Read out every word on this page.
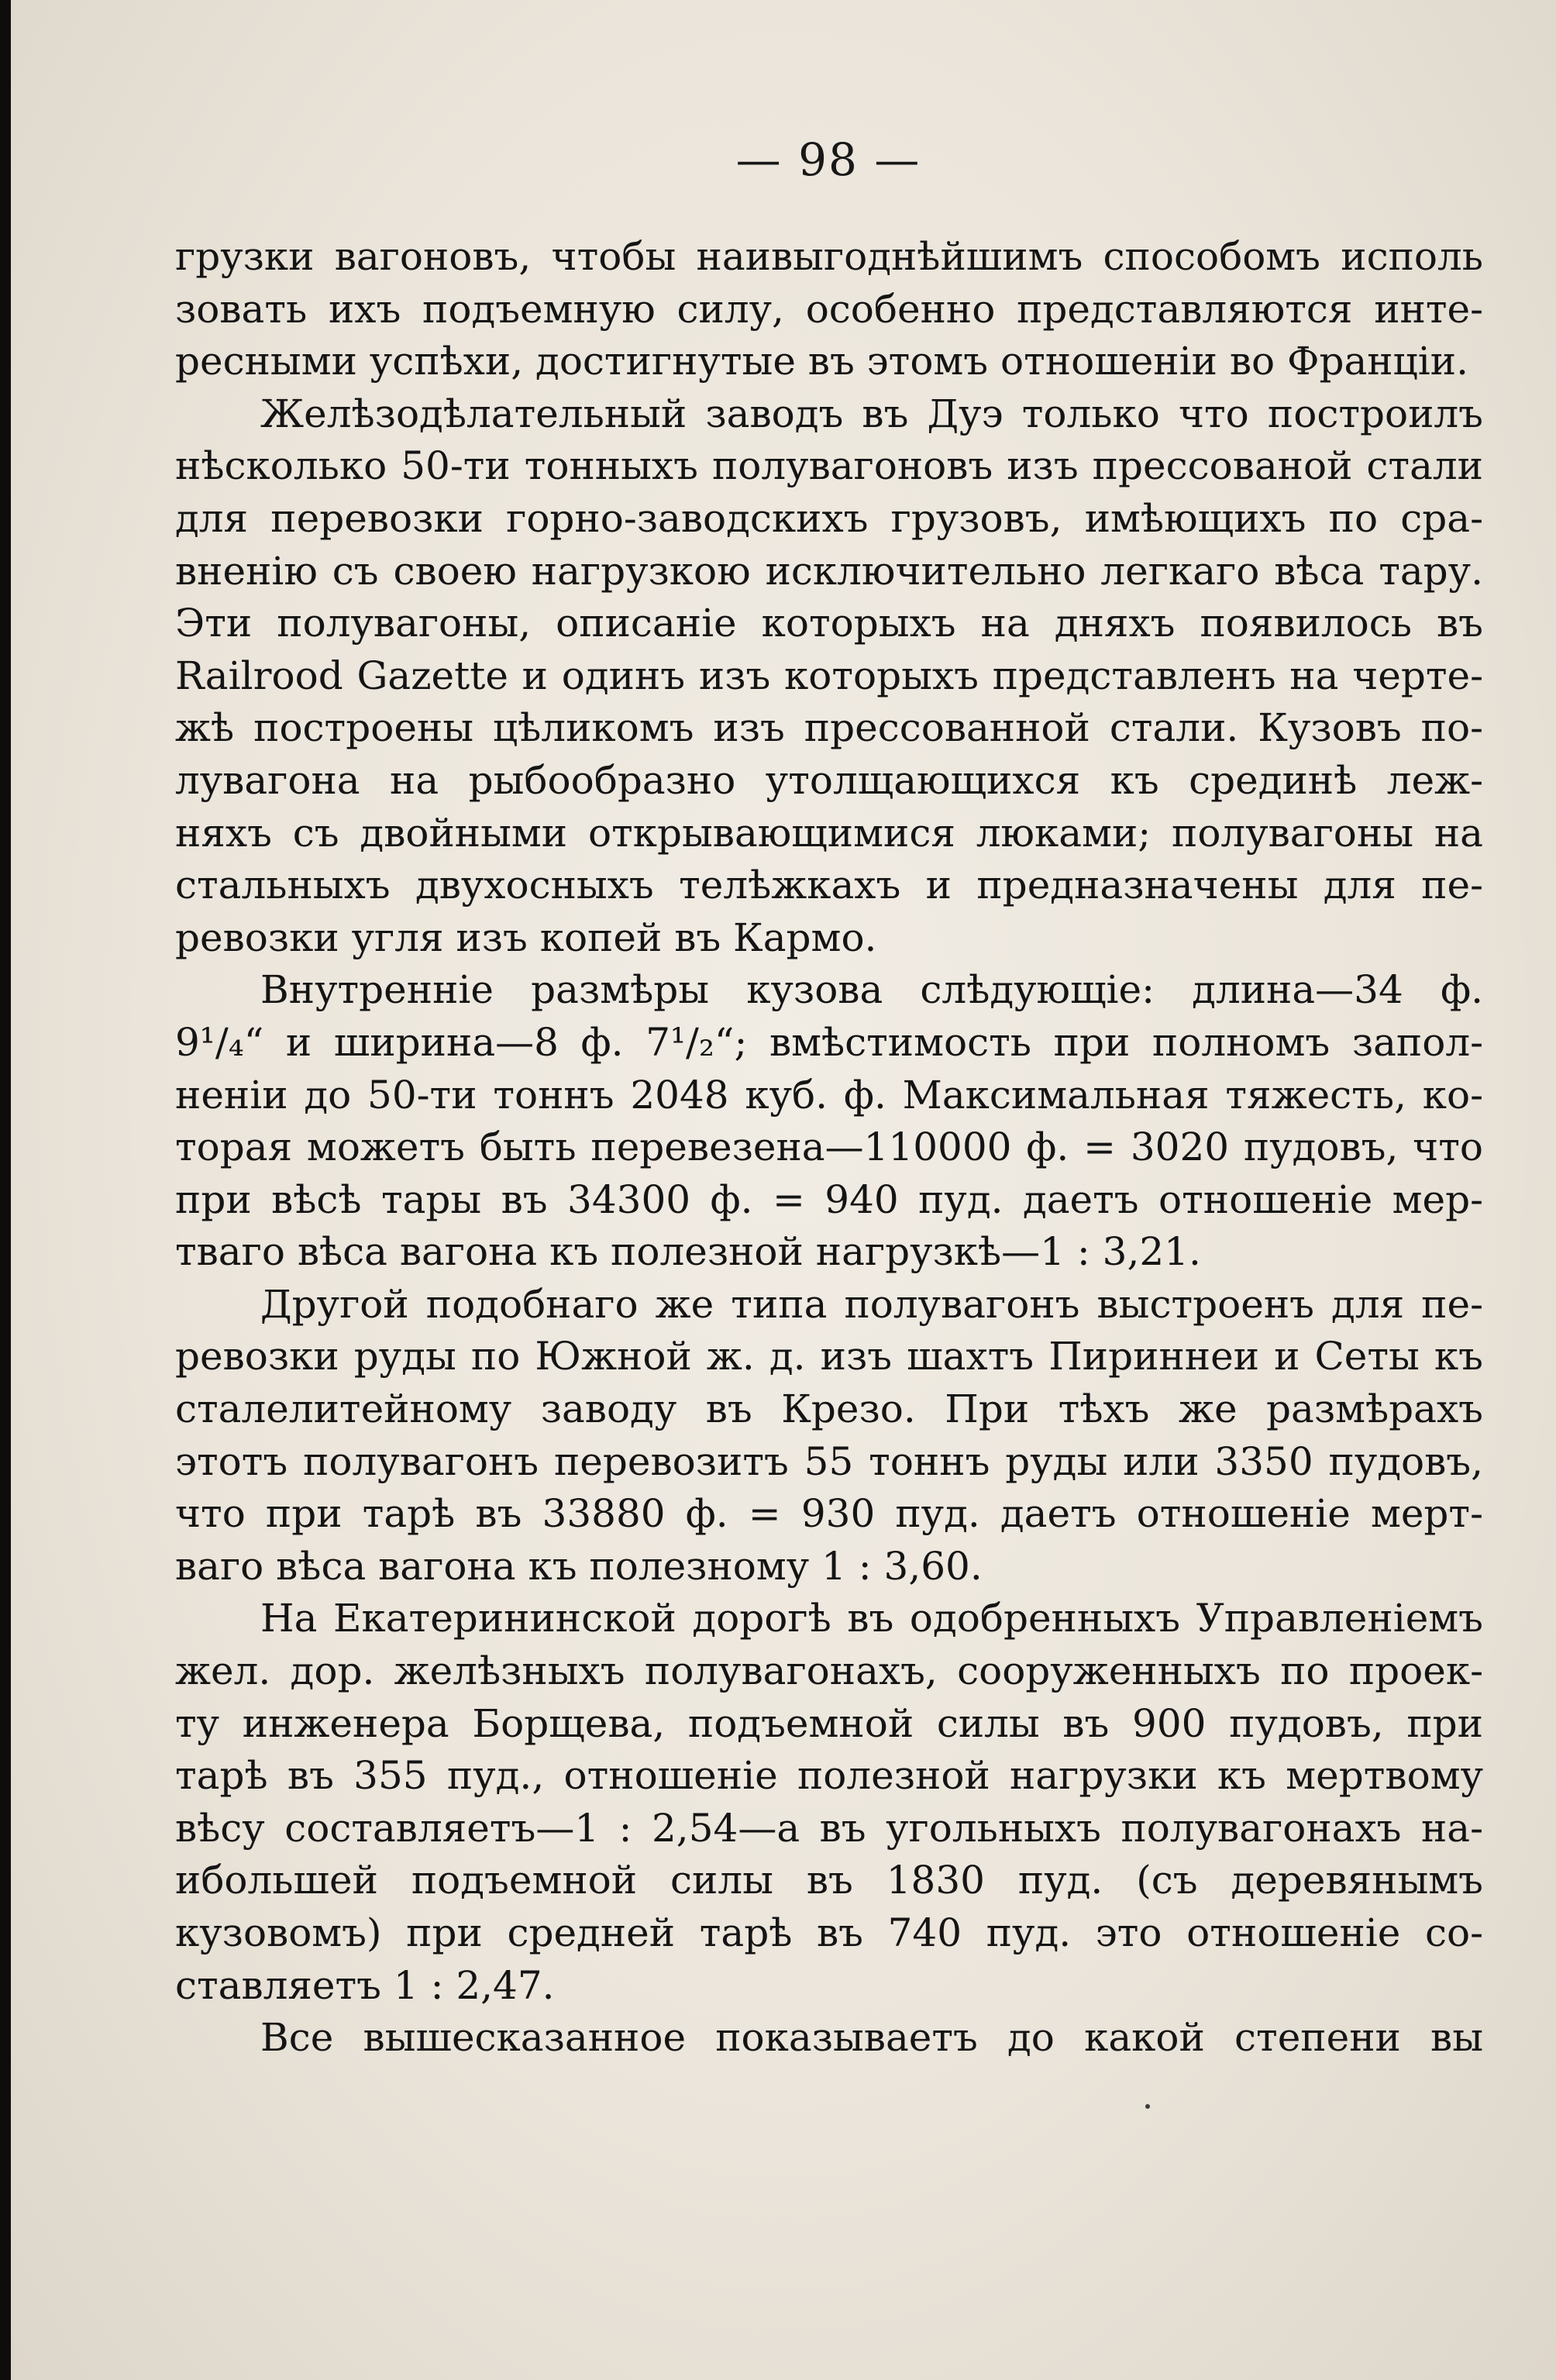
— 98 —
грузки вагоновъ, чтобы наивыгоднѣйшимъ способомъ исполь
зовать ихъ подъемную силу, особенно представляются инте-
ресными успѣхи, достигнутые въ этомъ отношенiи во Францiи.
Желѣзодѣлательный заводъ въ Дуэ только что построилъ
нѣсколько 50-ти тонныхъ полувагоновъ изъ прессованой стали
для перевозки горно-заводскихъ грузовъ, имѣющихъ по сра-
вненiю съ своею нагрузкою исключительно легкаго вѣса тару.
Эти полувагоны, описанiе которыхъ на дняхъ появилось въ
Railrood Gazette и одинъ изъ которыхъ представленъ на черте-
жѣ построены цѣликомъ изъ прессованной стали. Кузовъ по-
лувагона на рыбообразно утолщающихся къ срединѣ леж-
няхъ съ двойными открывающимися люками; полувагоны на
стальныхъ двухосныхъ телѣжкахъ и предназначены для пе-
ревозки угля изъ копей въ Кармо.
Внутреннiе размѣры кузова слѣдующiе: длина—34 ф.
9¹/₄“ и ширина—8 ф. 7¹/₂“; вмѣстимость при полномъ запол-
ненiи до 50-ти тоннъ 2048 куб. ф. Максимальная тяжесть, ко-
торая можетъ быть перевезена—110000 ф. = 3020 пудовъ, что
при вѣсѣ тары въ 34300 ф. = 940 пуд. даетъ отношенiе мер-
тваго вѣса вагона къ полезной нагрузкѣ—1 : 3,21.
Другой подобнаго же типа полувагонъ выстроенъ для пе-
ревозки руды по Южной ж. д. изъ шахтъ Пириннеи и Сеты къ
сталелитейному заводу въ Крезо. При тѣхъ же размѣрахъ
этотъ полувагонъ перевозитъ 55 тоннъ руды или 3350 пудовъ,
что при тарѣ въ 33880 ф. = 930 пуд. даетъ отношенiе мерт-
ваго вѣса вагона къ полезному 1 : 3,60.
На Екатерининской дорогѣ въ одобренныхъ Управленiемъ
жел. дор. желѣзныхъ полувагонахъ, сооруженныхъ по проек-
ту инженера Борщева, подъемной силы въ 900 пудовъ, при
тарѣ въ 355 пуд., отношенiе полезной нагрузки къ мертвому
вѣсу составляетъ—1 : 2,54—а въ угольныхъ полувагонахъ на-
ибольшей подъемной силы въ 1830 пуд. (съ деревянымъ
кузовомъ) при средней тарѣ въ 740 пуд. это отношенiе со-
ставляетъ 1 : 2,47.
Все вышесказанное показываетъ до какой степени вы
